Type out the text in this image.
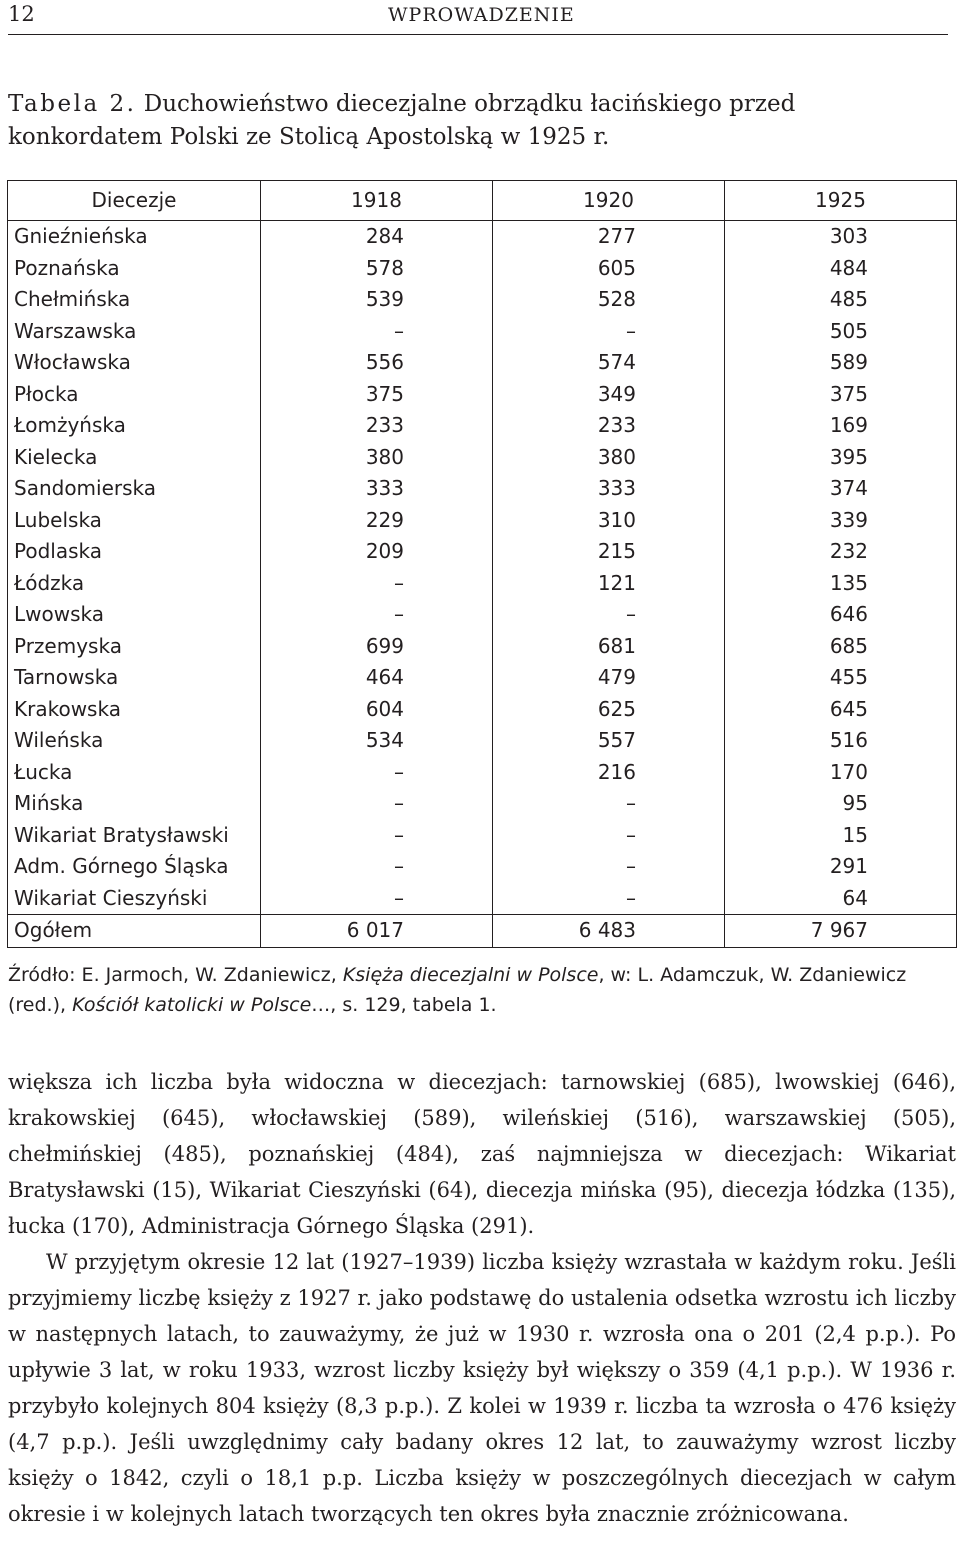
12	WPROWADZENIE
Tabela 2. Duchowieństwo diecezjalne obrządku łacińskiego przed konkordatem Polski ze Stolicą Apostolską w 1925 r.
Diecezje	1918	1920	1925
Gnieźnieńska	284	277	303
Poznańska	578	605	484
Chełmińska	539	528	485
Warszawska	–	–	505
Włocławska	556	574	589
Płocka	375	349	375
Łomżyńska	233	233	169
Kielecka	380	380	395
Sandomierska	333	333	374
Lubelska	229	310	339
Podlaska	209	215	232
Łódzka	–	121	135
Lwowska	–	–	646
Przemyska	699	681	685
Tarnowska	464	479	455
Krakowska	604	625	645
Wileńska	534	557	516
Łucka	–	216	170
Mińska	–	–	95
Wikariat Bratysławski	–	–	15
Adm. Górnego Śląska	–	–	291
Wikariat Cieszyński	–	–	64
Ogółem	6 017	6 483	7 967
Źródło: E. Jarmoch, W. Zdaniewicz, Księża diecezjalni w Polsce, w: L. Adamczuk, W. Zdaniewicz (red.), Kościół katolicki w Polsce…, s. 129, tabela 1.

większa ich liczba była widoczna w diecezjach: tarnowskiej (685), lwowskiej (646), krakowskiej (645), włocławskiej (589), wileńskiej (516), warszawskiej (505), chełmińskiej (485), poznańskiej (484), zaś najmniejsza w diecezjach: Wikariat Bratysławski (15), Wikariat Cieszyński (64), diecezja mińska (95), diecezja łódzka (135), łucka (170), Administracja Górnego Śląska (291).

W przyjętym okresie 12 lat (1927–1939) liczba księży wzrastała w każdym roku. Jeśli przyjmiemy liczbę księży z 1927 r. jako podstawę do ustalenia odsetka wzrostu ich liczby w następnych latach, to zauważymy, że już w 1930 r. wzrosła ona o 201 (2,4 p.p.). Po upływie 3 lat, w roku 1933, wzrost liczby księży był większy o 359 (4,1 p.p.). W 1936 r. przybyło kolejnych 804 księży (8,3 p.p.). Z kolei w 1939 r. liczba ta wzrosła o 476 księży (4,7 p.p.). Jeśli uwzględnimy cały badany okres 12 lat, to zauważymy wzrost liczby księży o 1842, czyli o 18,1 p.p. Liczba księży w poszczególnych diecezjach w całym okresie i w kolejnych latach tworzących ten okres była znacznie zróżnicowana.
